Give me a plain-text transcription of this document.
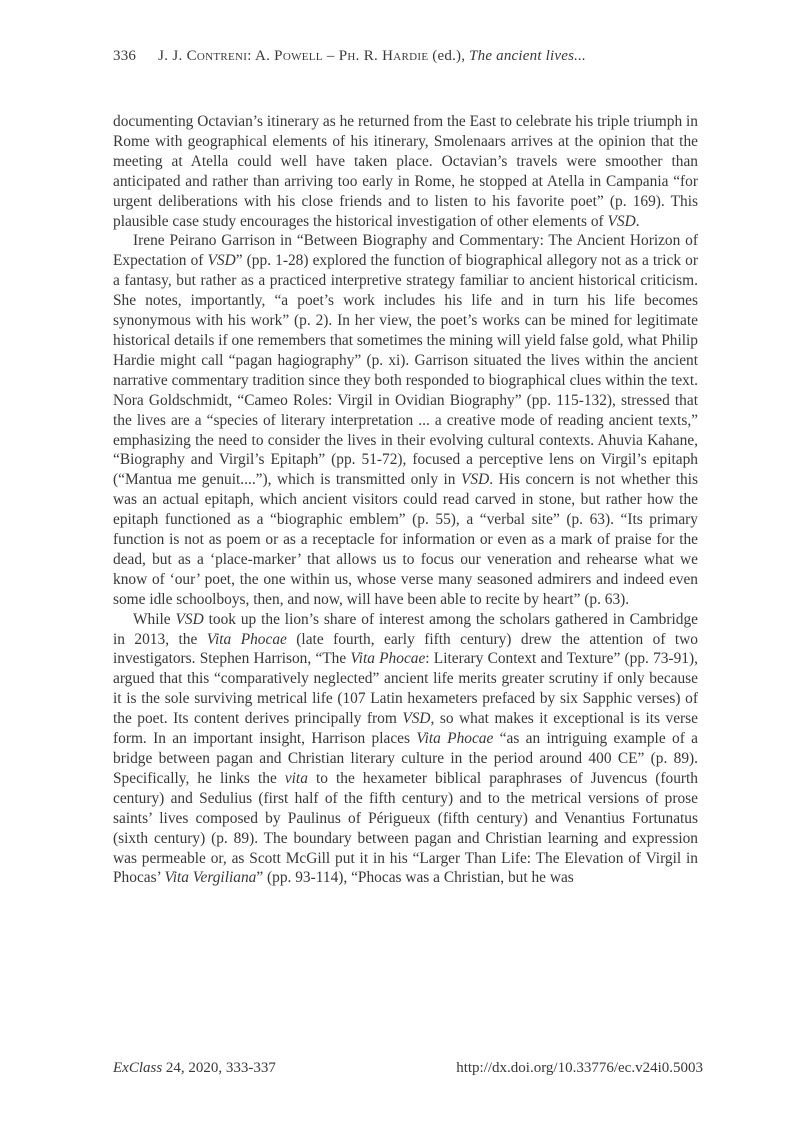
336 J. J. Contreni: A. Powell – Ph. R. Hardie (ed.), The ancient lives...

documenting Octavian’s itinerary as he returned from the East to celebrate his triple triumph in Rome with geographical elements of his itinerary, Smolenaars arrives at the opinion that the meeting at Atella could well have taken place. Octavian’s travels were smoother than anticipated and rather than arriving too early in Rome, he stopped at Atella in Campania “for urgent deliberations with his close friends and to listen to his favorite poet” (p. 169). This plausible case study encourages the historical investigation of other elements of VSD.

Irene Peirano Garrison in “Between Biography and Commentary: The Ancient Horizon of Expectation of VSD” (pp. 1-28) explored the function of biographical allegory not as a trick or a fantasy, but rather as a practiced interpretive strategy familiar to ancient historical criticism. She notes, importantly, “a poet’s work includes his life and in turn his life becomes synonymous with his work” (p. 2). In her view, the poet’s works can be mined for legitimate historical details if one remembers that sometimes the mining will yield false gold, what Philip Hardie might call “pagan hagiography” (p. xi). Garrison situated the lives within the ancient narrative commentary tradition since they both responded to biographical clues within the text. Nora Goldschmidt, “Cameo Roles: Virgil in Ovidian Biography” (pp. 115-132), stressed that the lives are a “species of literary interpretation ... a creative mode of reading ancient texts,” emphasizing the need to consider the lives in their evolving cultural contexts. Ahuvia Kahane, “Biography and Virgil’s Epitaph” (pp. 51-72), focused a perceptive lens on Virgil’s epitaph (“Mantua me genuit....”), which is transmitted only in VSD. His concern is not whether this was an actual epitaph, which ancient visitors could read carved in stone, but rather how the epitaph functioned as a “biographic emblem” (p. 55), a “verbal site” (p. 63). “Its primary function is not as poem or as a receptacle for information or even as a mark of praise for the dead, but as a ‘place-marker’ that allows us to focus our veneration and rehearse what we know of ‘our’ poet, the one within us, whose verse many seasoned admirers and indeed even some idle schoolboys, then, and now, will have been able to recite by heart” (p. 63).

While VSD took up the lion’s share of interest among the scholars gathered in Cambridge in 2013, the Vita Phocae (late fourth, early fifth century) drew the attention of two investigators. Stephen Harrison, “The Vita Phocae: Literary Context and Texture” (pp. 73-91), argued that this “comparatively neglected” ancient life merits greater scrutiny if only because it is the sole surviving metrical life (107 Latin hexameters prefaced by six Sapphic verses) of the poet. Its content derives principally from VSD, so what makes it exceptional is its verse form. In an important insight, Harrison places Vita Phocae “as an intriguing example of a bridge between pagan and Christian literary culture in the period around 400 CE” (p. 89). Specifically, he links the vita to the hexameter biblical paraphrases of Juvencus (fourth century) and Sedulius (first half of the fifth century) and to the metrical versions of prose saints’ lives composed by Paulinus of Périgueux (fifth century) and Venantius Fortunatus (sixth century) (p. 89). The boundary between pagan and Christian learning and expression was permeable or, as Scott McGill put it in his “Larger Than Life: The Elevation of Virgil in Phocas’ Vita Vergiliana” (pp. 93-114), “Phocas was a Christian, but he was

ExClass 24, 2020, 333-337	http://dx.doi.org/10.33776/ec.v24i0.5003
